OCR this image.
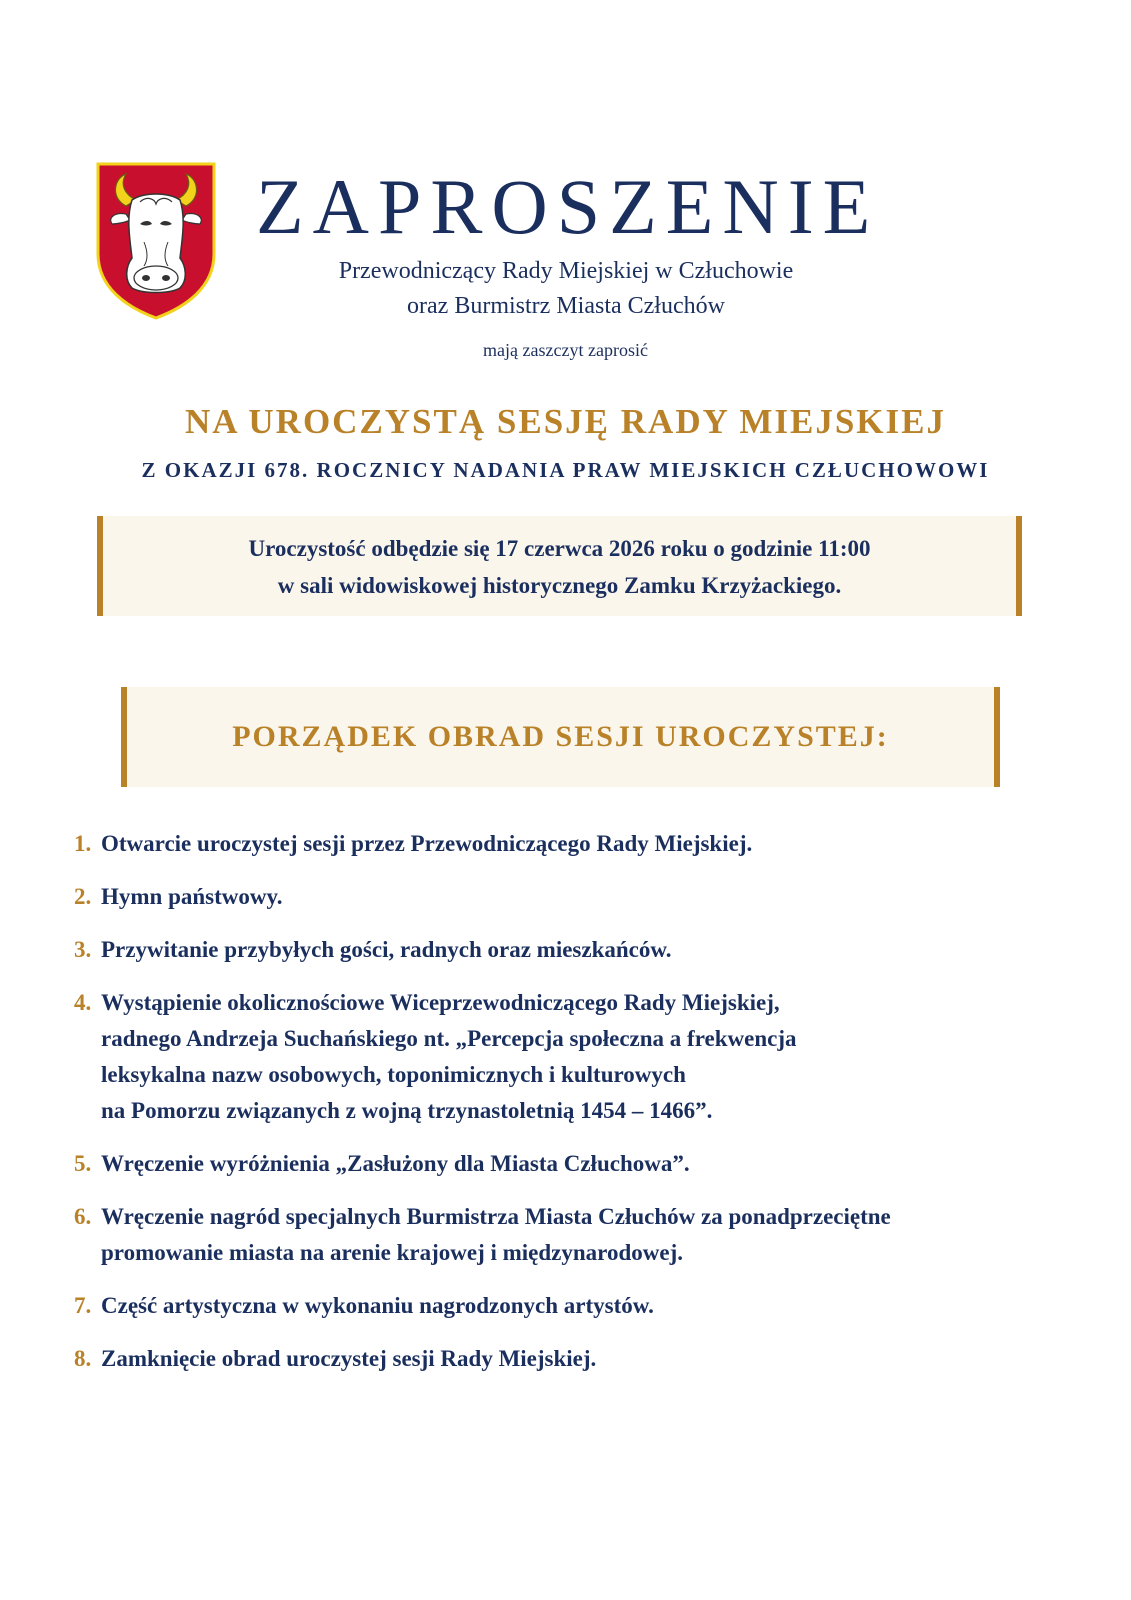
ZAPROSZENIE
Przewodniczący Rady Miejskiej w Człuchowie
oraz Burmistrz Miasta Człuchów
mają zaszczyt zaprosić
NA UROCZYSTĄ SESJĘ RADY MIEJSKIEJ
Z OKAZJI 678. ROCZNICY NADANIA PRAW MIEJSKICH CZŁUCHOWOWI

Uroczystość odbędzie się 17 czerwca 2026 roku o godzinie 11:00

w sali widowiskowej historycznego Zamku Krzyżackiego.

PORZĄDEK OBRAD SESJI UROCZYSTEJ:
1. Otwarcie uroczystej sesji przez Przewodniczącego Rady Miejskiej.
2. Hymn państwowy.
3. Przywitanie przybyłych gości, radnych oraz mieszkańców.
4. Wystąpienie okolicznościowe Wiceprzewodniczącego Rady Miejskiej,
radnego Andrzeja Suchańskiego nt. „Percepcja społeczna a frekwencja
leksykalna nazw osobowych, toponimicznych i kulturowych
na Pomorzu związanych z wojną trzynastoletnią 1454 – 1466”.
5. Wręczenie wyróżnienia „Zasłużony dla Miasta Człuchowa”.
6. Wręczenie nagród specjalnych Burmistrza Miasta Człuchów za ponadprzeciętne
promowanie miasta na arenie krajowej i międzynarodowej.
7. Część artystyczna w wykonaniu nagrodzonych artystów.
8. Zamknięcie obrad uroczystej sesji Rady Miejskiej.
